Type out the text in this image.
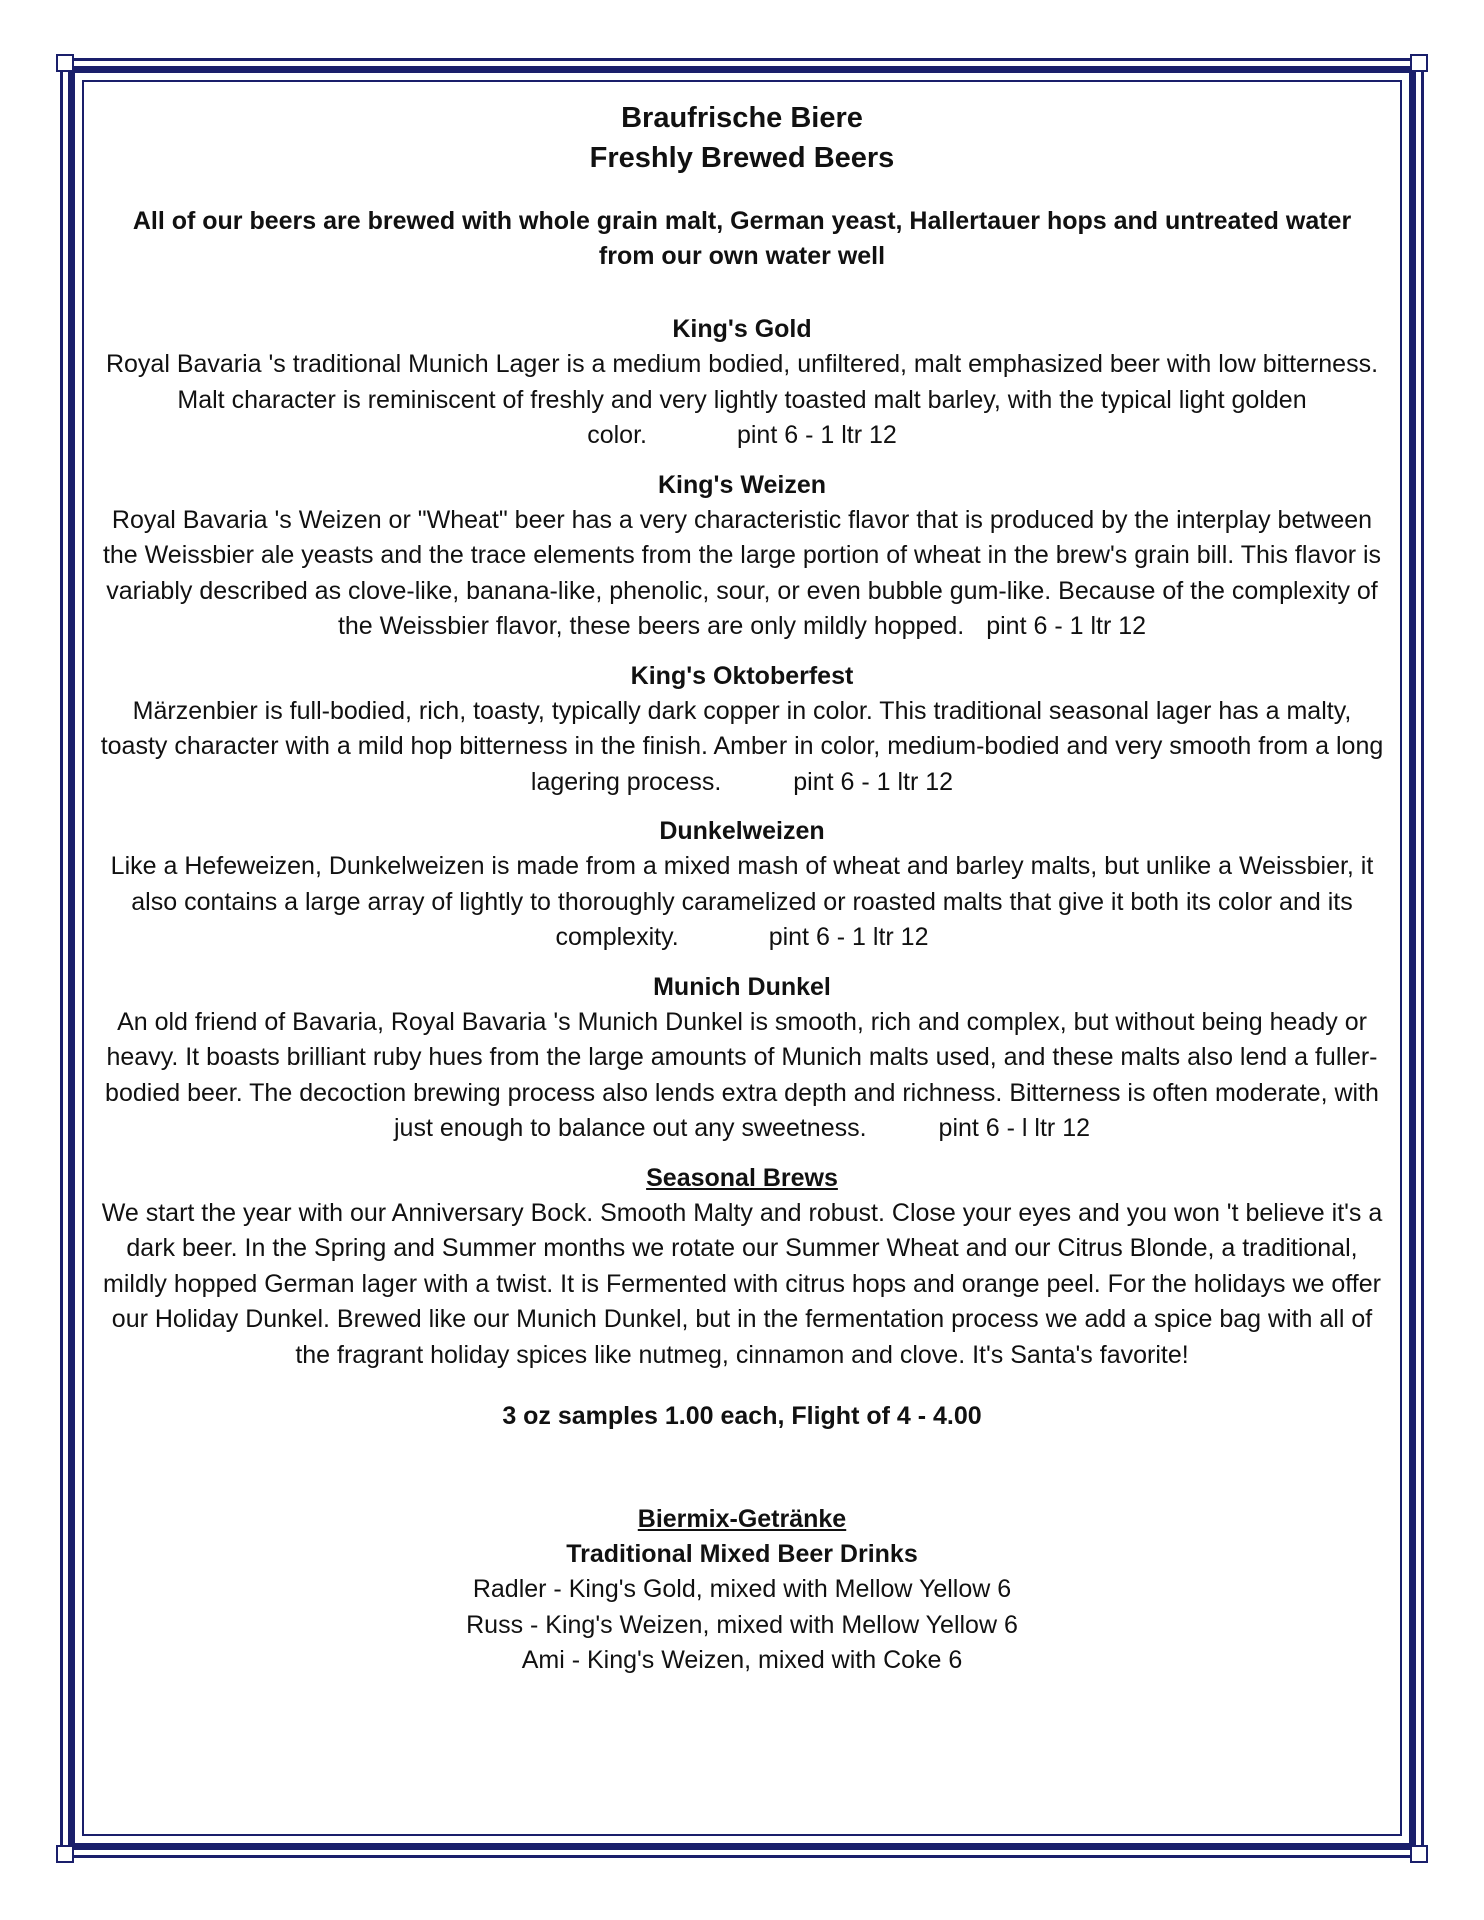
Braufrische Biere
Freshly Brewed Beers
All of our beers are brewed with whole grain malt, German yeast, Hallertauer hops and untreated water from our own water well
King's Gold
Royal Bavaria 's traditional Munich Lager is a medium bodied, unfiltered, malt emphasized beer with low bitterness. Malt character is reminiscent of freshly and very lightly toasted malt barley, with the typical light golden color.	pint 6 - 1 ltr 12
King's Weizen
Royal Bavaria 's Weizen or "Wheat" beer has a very characteristic flavor that is produced by the interplay between the Weissbier ale yeasts and the trace elements from the large portion of wheat in the brew's grain bill. This flavor is variably described as clove-like, banana-like, phenolic, sour, or even bubble gum-like. Because of the complexity of the Weissbier flavor, these beers are only mildly hopped. pint 6 - 1 ltr 12
King's Oktoberfest
Märzenbier is full-bodied, rich, toasty, typically dark copper in color. This traditional seasonal lager has a malty, toasty character with a mild hop bitterness in the finish. Amber in color, medium-bodied and very smooth from a long lagering process.	pint 6 - 1 ltr 12
Dunkelweizen
Like a Hefeweizen, Dunkelweizen is made from a mixed mash of wheat and barley malts, but unlike a Weissbier, it also contains a large array of lightly to thoroughly caramelized or roasted malts that give it both its color and its complexity.	pint 6 - 1 ltr 12
Munich Dunkel
An old friend of Bavaria, Royal Bavaria 's Munich Dunkel is smooth, rich and complex, but without being heady or heavy. It boasts brilliant ruby hues from the large amounts of Munich malts used, and these malts also lend a fuller-bodied beer. The decoction brewing process also lends extra depth and richness. Bitterness is often moderate, with just enough to balance out any sweetness.	pint 6 - l ltr 12
Seasonal Brews
We start the year with our Anniversary Bock. Smooth Malty and robust. Close your eyes and you won 't believe it's a dark beer. In the Spring and Summer months we rotate our Summer Wheat and our Citrus Blonde, a traditional, mildly hopped German lager with a twist. It is Fermented with citrus hops and orange peel. For the holidays we offer our Holiday Dunkel. Brewed like our Munich Dunkel, but in the fermentation process we add a spice bag with all of the fragrant holiday spices like nutmeg, cinnamon and clove. It's Santa's favorite!
3 oz samples 1.00 each, Flight of 4 - 4.00
Biermix-Getränke
Traditional Mixed Beer Drinks
Radler - King's Gold, mixed with Mellow Yellow 6
Russ - King's Weizen, mixed with Mellow Yellow 6
Ami - King's Weizen, mixed with Coke 6
